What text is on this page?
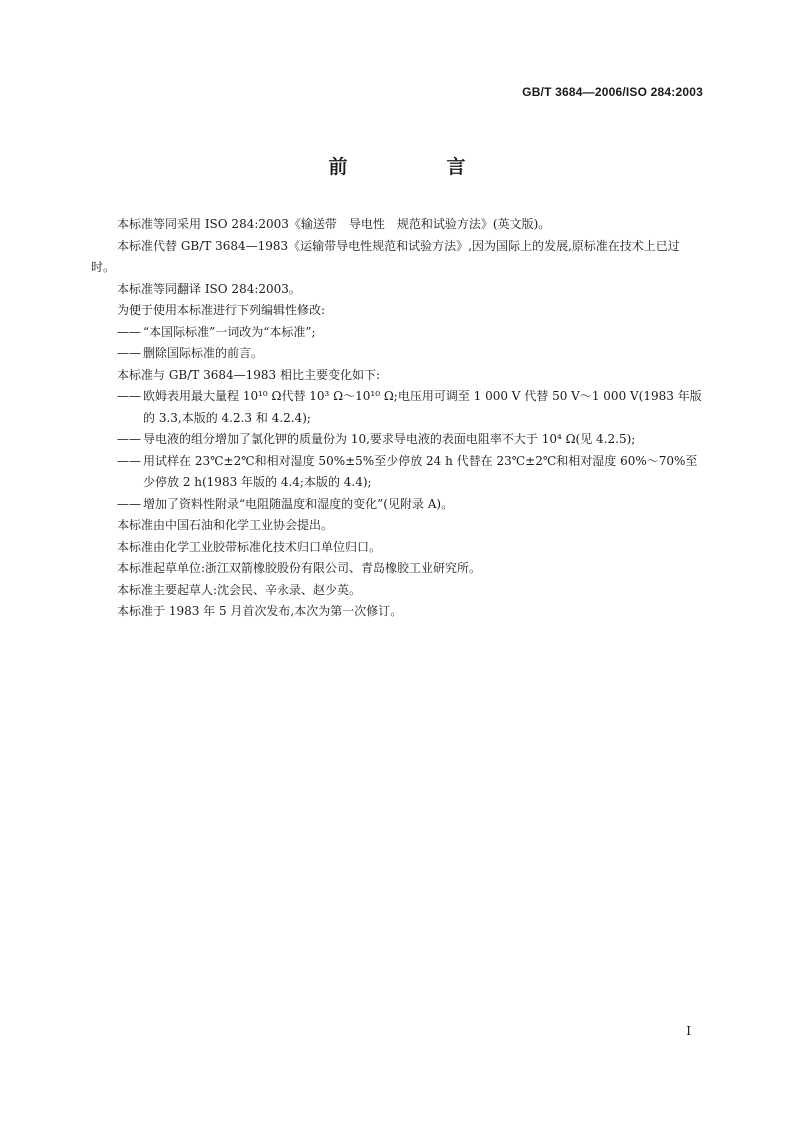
GB/T 3684—2006/ISO 284:2003
前　言

本标准等同采用 ISO 284:2003《输送带　导电性　规范和试验方法》(英文版)。

本标准代替 GB/T 3684—1983《运输带导电性规范和试验方法》,因为国际上的发展,原标准在技术上已过时。

本标准等同翻译 ISO 284:2003。

为便于使用本标准进行下列编辑性修改:

—— “本国际标准”一词改为“本标准”;

—— 删除国际标准的前言。

本标准与 GB/T 3684—1983 相比主要变化如下:

—— 欧姆表用最大量程 10¹⁰ Ω代替 10³ Ω～10¹⁰ Ω;电压用可调至 1 000 V 代替 50 V～1 000 V(1983 年版的 3.3,本版的 4.2.3 和 4.2.4);

—— 导电液的组分增加了氯化钾的质量份为 10,要求导电液的表面电阻率不大于 10⁴ Ω(见 4.2.5);

—— 用试样在 23℃±2℃和相对湿度 50%±5%至少停放 24 h 代替在 23℃±2℃和相对湿度 60%～70%至少停放 2 h(1983 年版的 4.4;本版的 4.4);

—— 增加了资料性附录“电阻随温度和湿度的变化”(见附录 A)。

本标准由中国石油和化学工业协会提出。

本标准由化学工业胶带标准化技术归口单位归口。

本标准起草单位:浙江双箭橡胶股份有限公司、青岛橡胶工业研究所。

本标准主要起草人:沈会民、辛永录、赵少英。

本标准于 1983 年 5 月首次发布,本次为第一次修订。

I
